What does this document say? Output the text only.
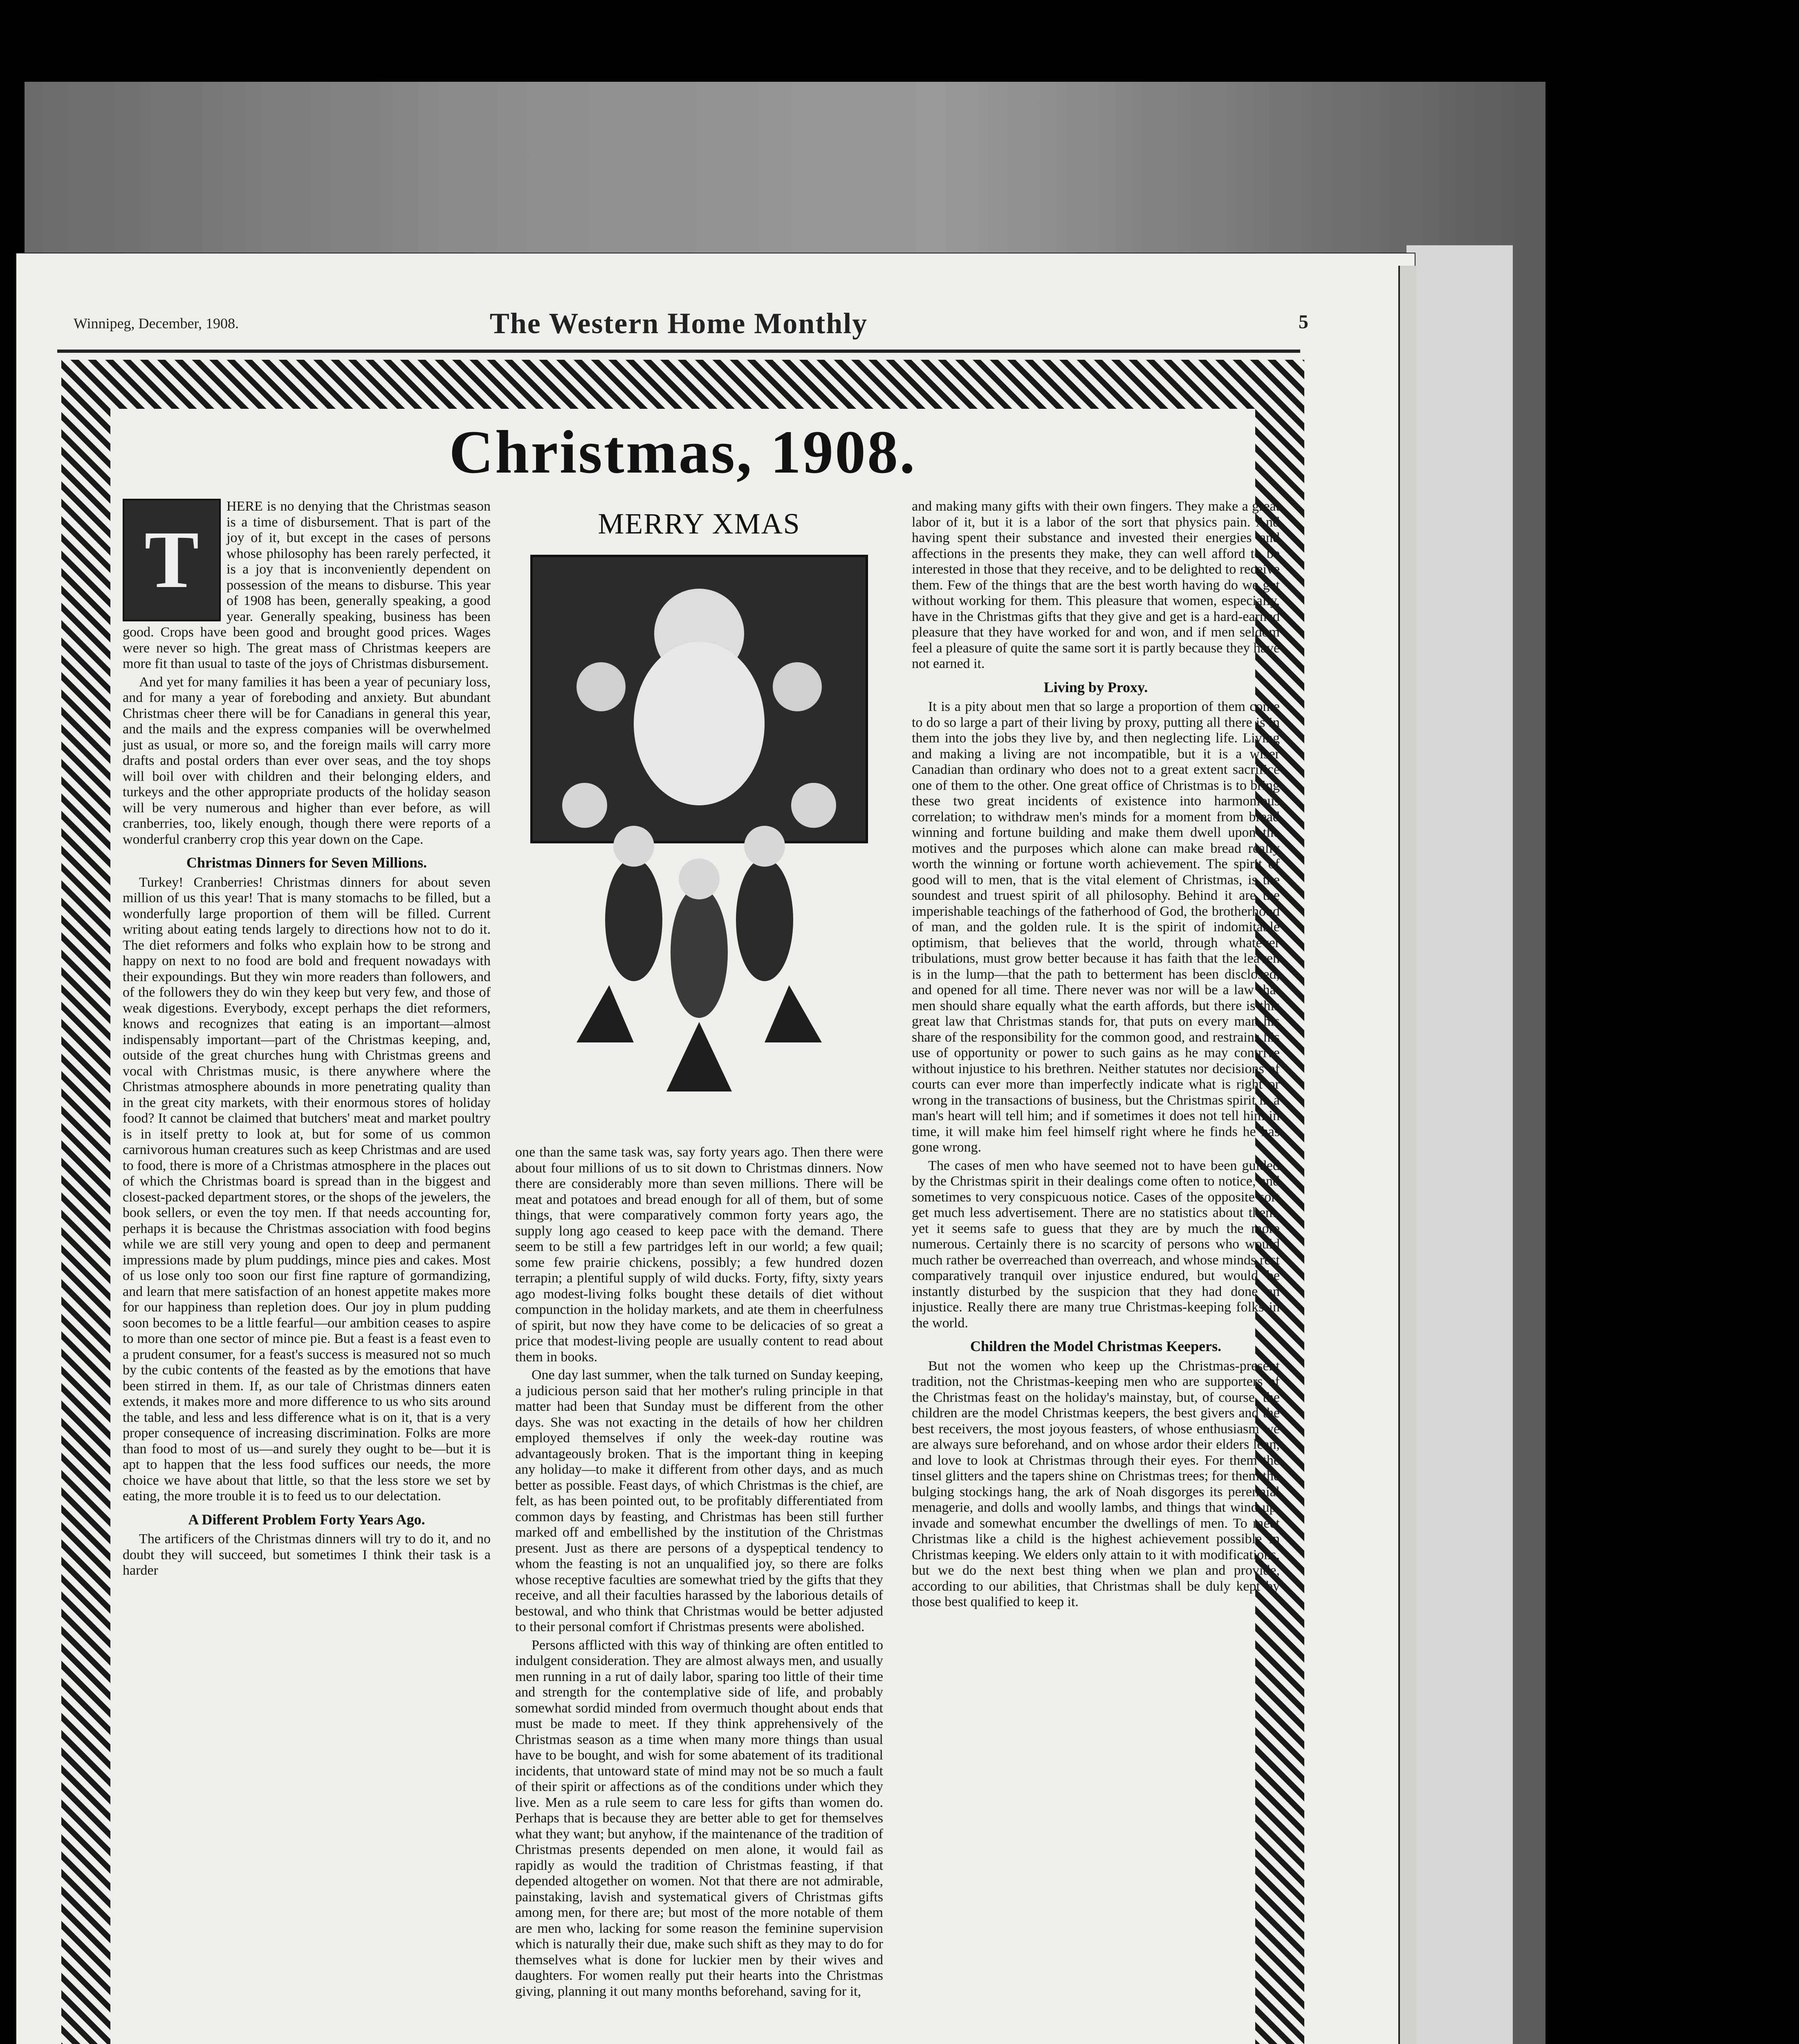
Winnipeg, December, 1908.	The Western Home Monthly	5
Christmas, 1908.
T

HERE is no denying that the Christmas season is a time of disbursement. That is part of the joy of it, but except in the cases of persons whose philosophy has been rarely perfected, it is a joy that is inconveniently dependent on possession of the means to disburse. This year of 1908 has been, generally speaking, a good year. Generally speaking, business has been good. Crops have been good and brought good prices. Wages were never so high. The great mass of Christmas keepers are more fit than usual to taste of the joys of Christmas disbursement.

And yet for many families it has been a year of pecuniary loss, and for many a year of foreboding and anxiety. But abundant Christmas cheer there will be for Canadians in general this year, and the mails and the express companies will be overwhelmed just as usual, or more so, and the foreign mails will carry more drafts and postal orders than ever over seas, and the toy shops will boil over with children and their belonging elders, and turkeys and the other appropriate products of the holiday season will be very numerous and higher than ever before, as will cranberries, too, likely enough, though there were reports of a wonderful cranberry crop this year down on the Cape.

Christmas Dinners for Seven Millions.

Turkey! Cranberries! Christmas dinners for about seven million of us this year! That is many stomachs to be filled, but a wonderfully large proportion of them will be filled. Current writing about eating tends largely to directions how not to do it. The diet reformers and folks who explain how to be strong and happy on next to no food are bold and frequent nowadays with their expoundings. But they win more readers than followers, and of the followers they do win they keep but very few, and those of weak digestions. Everybody, except perhaps the diet reformers, knows and recognizes that eating is an important—almost indispensably important—part of the Christmas keeping, and, outside of the great churches hung with Christmas greens and vocal with Christmas music, is there anywhere where the Christmas atmosphere abounds in more penetrating quality than in the great city markets, with their enormous stores of holiday food? It cannot be claimed that butchers' meat and market poultry is in itself pretty to look at, but for some of us common carnivorous human creatures such as keep Christmas and are used to food, there is more of a Christmas atmosphere in the places out of which the Christmas board is spread than in the biggest and closest-packed department stores, or the shops of the jewelers, the book sellers, or even the toy men. If that needs accounting for, perhaps it is because the Christmas association with food begins while we are still very young and open to deep and permanent impressions made by plum puddings, mince pies and cakes. Most of us lose only too soon our first fine rapture of gormandizing, and learn that mere satisfaction of an honest appetite makes more for our happiness than repletion does. Our joy in plum pudding soon becomes to be a little fearful—our ambition ceases to aspire to more than one sector of mince pie. But a feast is a feast even to a prudent consumer, for a feast's success is measured not so much by the cubic contents of the feasted as by the emotions that have been stirred in them. If, as our tale of Christmas dinners eaten extends, it makes more and more difference to us who sits around the table, and less and less difference what is on it, that is a very proper consequence of increasing discrimination. Folks are more than food to most of us—and surely they ought to be—but it is apt to happen that the less food suffices our needs, the more choice we have about that little, so that the less store we set by eating, the more trouble it is to feed us to our delectation.

A Different Problem Forty Years Ago.

The artificers of the Christmas dinners will try to do it, and no doubt they will succeed, but sometimes I think their task is a harder

MERRY XMAS

one than the same task was, say forty years ago. Then there were about four millions of us to sit down to Christmas dinners. Now there are considerably more than seven millions. There will be meat and potatoes and bread enough for all of them, but of some things, that were comparatively common forty years ago, the supply long ago ceased to keep pace with the demand. There seem to be still a few partridges left in our world; a few quail; some few prairie chickens, possibly; a few hundred dozen terrapin; a plentiful supply of wild ducks. Forty, fifty, sixty years ago modest-living folks bought these details of diet without compunction in the holiday markets, and ate them in cheerfulness of spirit, but now they have come to be delicacies of so great a price that modest-living people are usually content to read about them in books.

One day last summer, when the talk turned on Sunday keeping, a judicious person said that her mother's ruling principle in that matter had been that Sunday must be different from the other days. She was not exacting in the details of how her children employed themselves if only the week-day routine was advantageously broken. That is the important thing in keeping any holiday—to make it different from other days, and as much better as possible. Feast days, of which Christmas is the chief, are felt, as has been pointed out, to be profitably differentiated from common days by feasting, and Christmas has been still further marked off and embellished by the institution of the Christmas present. Just as there are persons of a dyspeptical tendency to whom the feasting is not an unqualified joy, so there are folks whose receptive faculties are somewhat tried by the gifts that they receive, and all their faculties harassed by the laborious details of bestowal, and who think that Christmas would be better adjusted to their personal comfort if Christmas presents were abolished.

Persons afflicted with this way of thinking are often entitled to indulgent consideration. They are almost always men, and usually men running in a rut of daily labor, sparing too little of their time and strength for the contemplative side of life, and probably somewhat sordid minded from overmuch thought about ends that must be made to meet. If they think apprehensively of the Christmas season as a time when many more things than usual have to be bought, and wish for some abatement of its traditional incidents, that untoward state of mind may not be so much a fault of their spirit or affections as of the conditions under which they live. Men as a rule seem to care less for gifts than women do. Perhaps that is because they are better able to get for themselves what they want; but anyhow, if the maintenance of the tradition of Christmas presents depended on men alone, it would fail as rapidly as would the tradition of Christmas feasting, if that depended altogether on women. Not that there are not admirable, painstaking, lavish and systematical givers of Christmas gifts among men, for there are; but most of the more notable of them are men who, lacking for some reason the feminine supervision which is naturally their due, make such shift as they may to do for themselves what is done for luckier men by their wives and daughters. For women really put their hearts into the Christmas giving, planning it out many months beforehand, saving for it,

and making many gifts with their own fingers. They make a great labor of it, but it is a labor of the sort that physics pain. And having spent their substance and invested their energies and affections in the presents they make, they can well afford to be interested in those that they receive, and to be delighted to receive them. Few of the things that are the best worth having do we get without working for them. This pleasure that women, especially, have in the Christmas gifts that they give and get is a hard-earned pleasure that they have worked for and won, and if men seldom feel a pleasure of quite the same sort it is partly because they have not earned it.

Living by Proxy.

It is a pity about men that so large a proportion of them come to do so large a part of their living by proxy, putting all there is in them into the jobs they live by, and then neglecting life. Living and making a living are not incompatible, but it is a wiser Canadian than ordinary who does not to a great extent sacrifice one of them to the other. One great office of Christmas is to bring these two great incidents of existence into harmonious correlation; to withdraw men's minds for a moment from bread winning and fortune building and make them dwell upon the motives and the purposes which alone can make bread really worth the winning or fortune worth achievement. The spirit of good will to men, that is the vital element of Christmas, is the soundest and truest spirit of all philosophy. Behind it are the imperishable teachings of the fatherhood of God, the brotherhood of man, and the golden rule. It is the spirit of indomitable optimism, that believes that the world, through whatever tribulations, must grow better because it has faith that the leaven is in the lump—that the path to betterment has been disclosed, and opened for all time. There never was nor will be a law that men should share equally what the earth affords, but there is this great law that Christmas stands for, that puts on every man his share of the responsibility for the common good, and restrains his use of opportunity or power to such gains as he may contrive without injustice to his brethren. Neither statutes nor decisions of courts can ever more than imperfectly indicate what is right or wrong in the transactions of business, but the Christmas spirit in a man's heart will tell him; and if sometimes it does not tell him in time, it will make him feel himself right where he finds he has gone wrong.

The cases of men who have seemed not to have been guided by the Christmas spirit in their dealings come often to notice, and sometimes to very conspicuous notice. Cases of the opposite sort get much less advertisement. There are no statistics about them, yet it seems safe to guess that they are by much the more numerous. Certainly there is no scarcity of persons who would much rather be overreached than overreach, and whose minds rest comparatively tranquil over injustice endured, but would be instantly disturbed by the suspicion that they had done an injustice. Really there are many true Christmas-keeping folks in the world.

Children the Model Christmas Keepers.

But not the women who keep up the Christmas-present tradition, not the Christmas-keeping men who are supporters of the Christmas feast on the holiday's mainstay, but, of course, the children are the model Christmas keepers, the best givers and the best receivers, the most joyous feasters, of whose enthusiasm we are always sure beforehand, and on whose ardor their elders lean, and love to look at Christmas through their eyes. For them the tinsel glitters and the tapers shine on Christmas trees; for them the bulging stockings hang, the ark of Noah disgorges its perennial menagerie, and dolls and woolly lambs, and things that wind up, invade and somewhat encumber the dwellings of men. To meet Christmas like a child is the highest achievement possible in Christmas keeping. We elders only attain to it with modifications, but we do the next best thing when we plan and provide, according to our abilities, that Christmas shall be duly kept by those best qualified to keep it.
